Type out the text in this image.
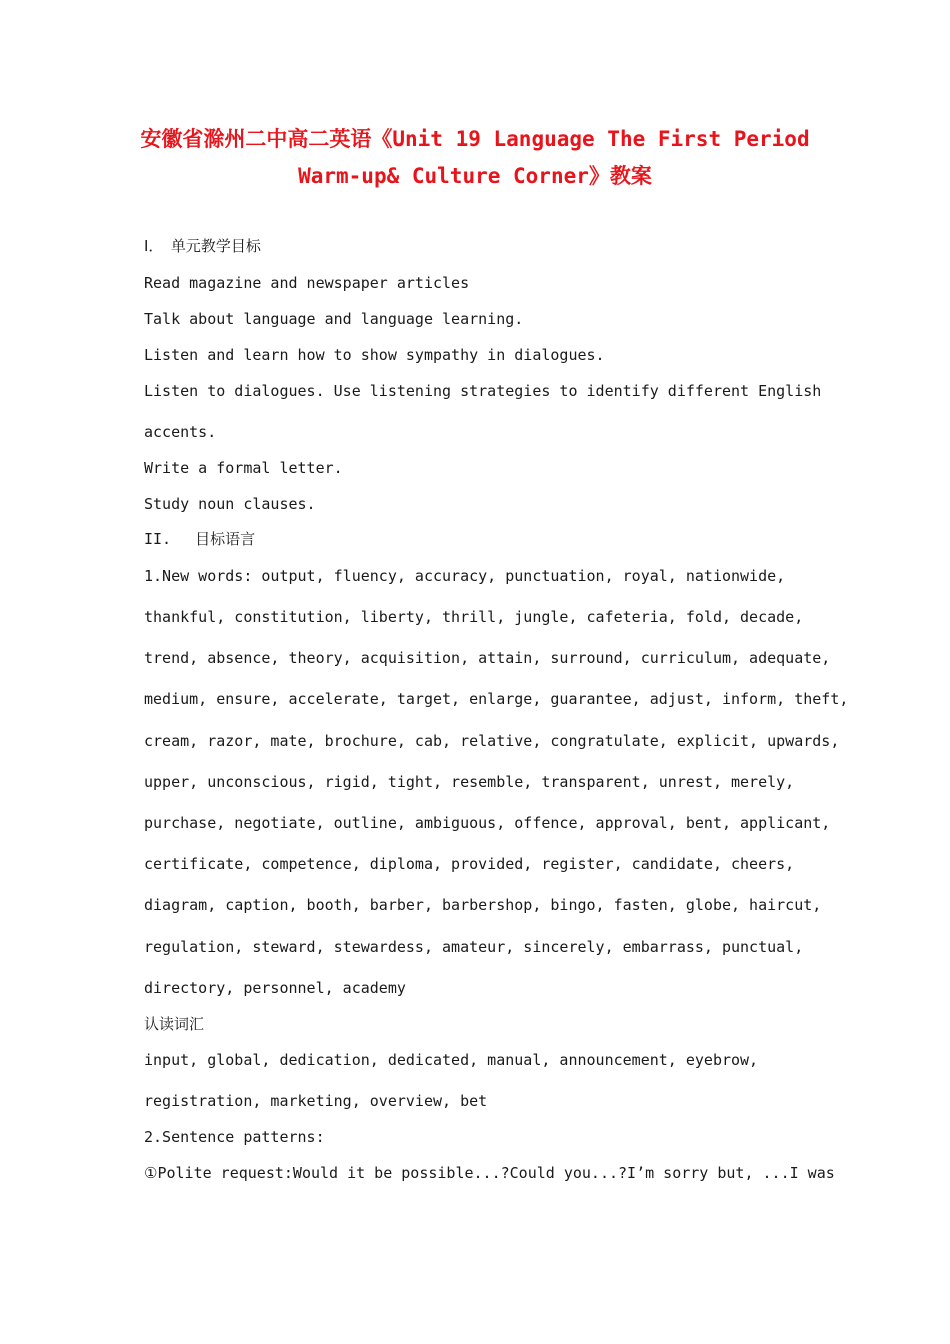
安徽省滁州二中高二英语《Unit 19 Language The First Period
Warm-up& Culture Corner》教案
Ⅰ．　单元教学目标
Read magazine and newspaper articles
Talk about language and language learning.
Listen and learn how to show sympathy in dialogues.
Listen to dialogues. Use listening strategies to identify different English
accents.
Write a formal letter.
Study noun clauses.
II.　 目标语言
1.New words: output, fluency, accuracy, punctuation, royal, nationwide,
thankful, constitution, liberty, thrill, jungle, cafeteria, fold, decade,
trend, absence, theory, acquisition, attain, surround, curriculum, adequate,
medium, ensure, accelerate, target, enlarge, guarantee, adjust, inform, theft,
cream, razor, mate, brochure, cab, relative, congratulate, explicit, upwards,
upper, unconscious, rigid, tight, resemble, transparent, unrest, merely,
purchase, negotiate, outline, ambiguous, offence, approval, bent, applicant,
certificate, competence, diploma, provided, register, candidate, cheers,
diagram, caption, booth, barber, barbershop, bingo, fasten, globe, haircut,
regulation, steward, stewardess, amateur, sincerely, embarrass, punctual,
directory, personnel, academy
认读词汇
input, global, dedication, dedicated, manual, announcement, eyebrow,
registration, marketing, overview, bet
2.Sentence patterns:
①Polite request:Would it be possible...?Could you...?I’m sorry but, ...I was
